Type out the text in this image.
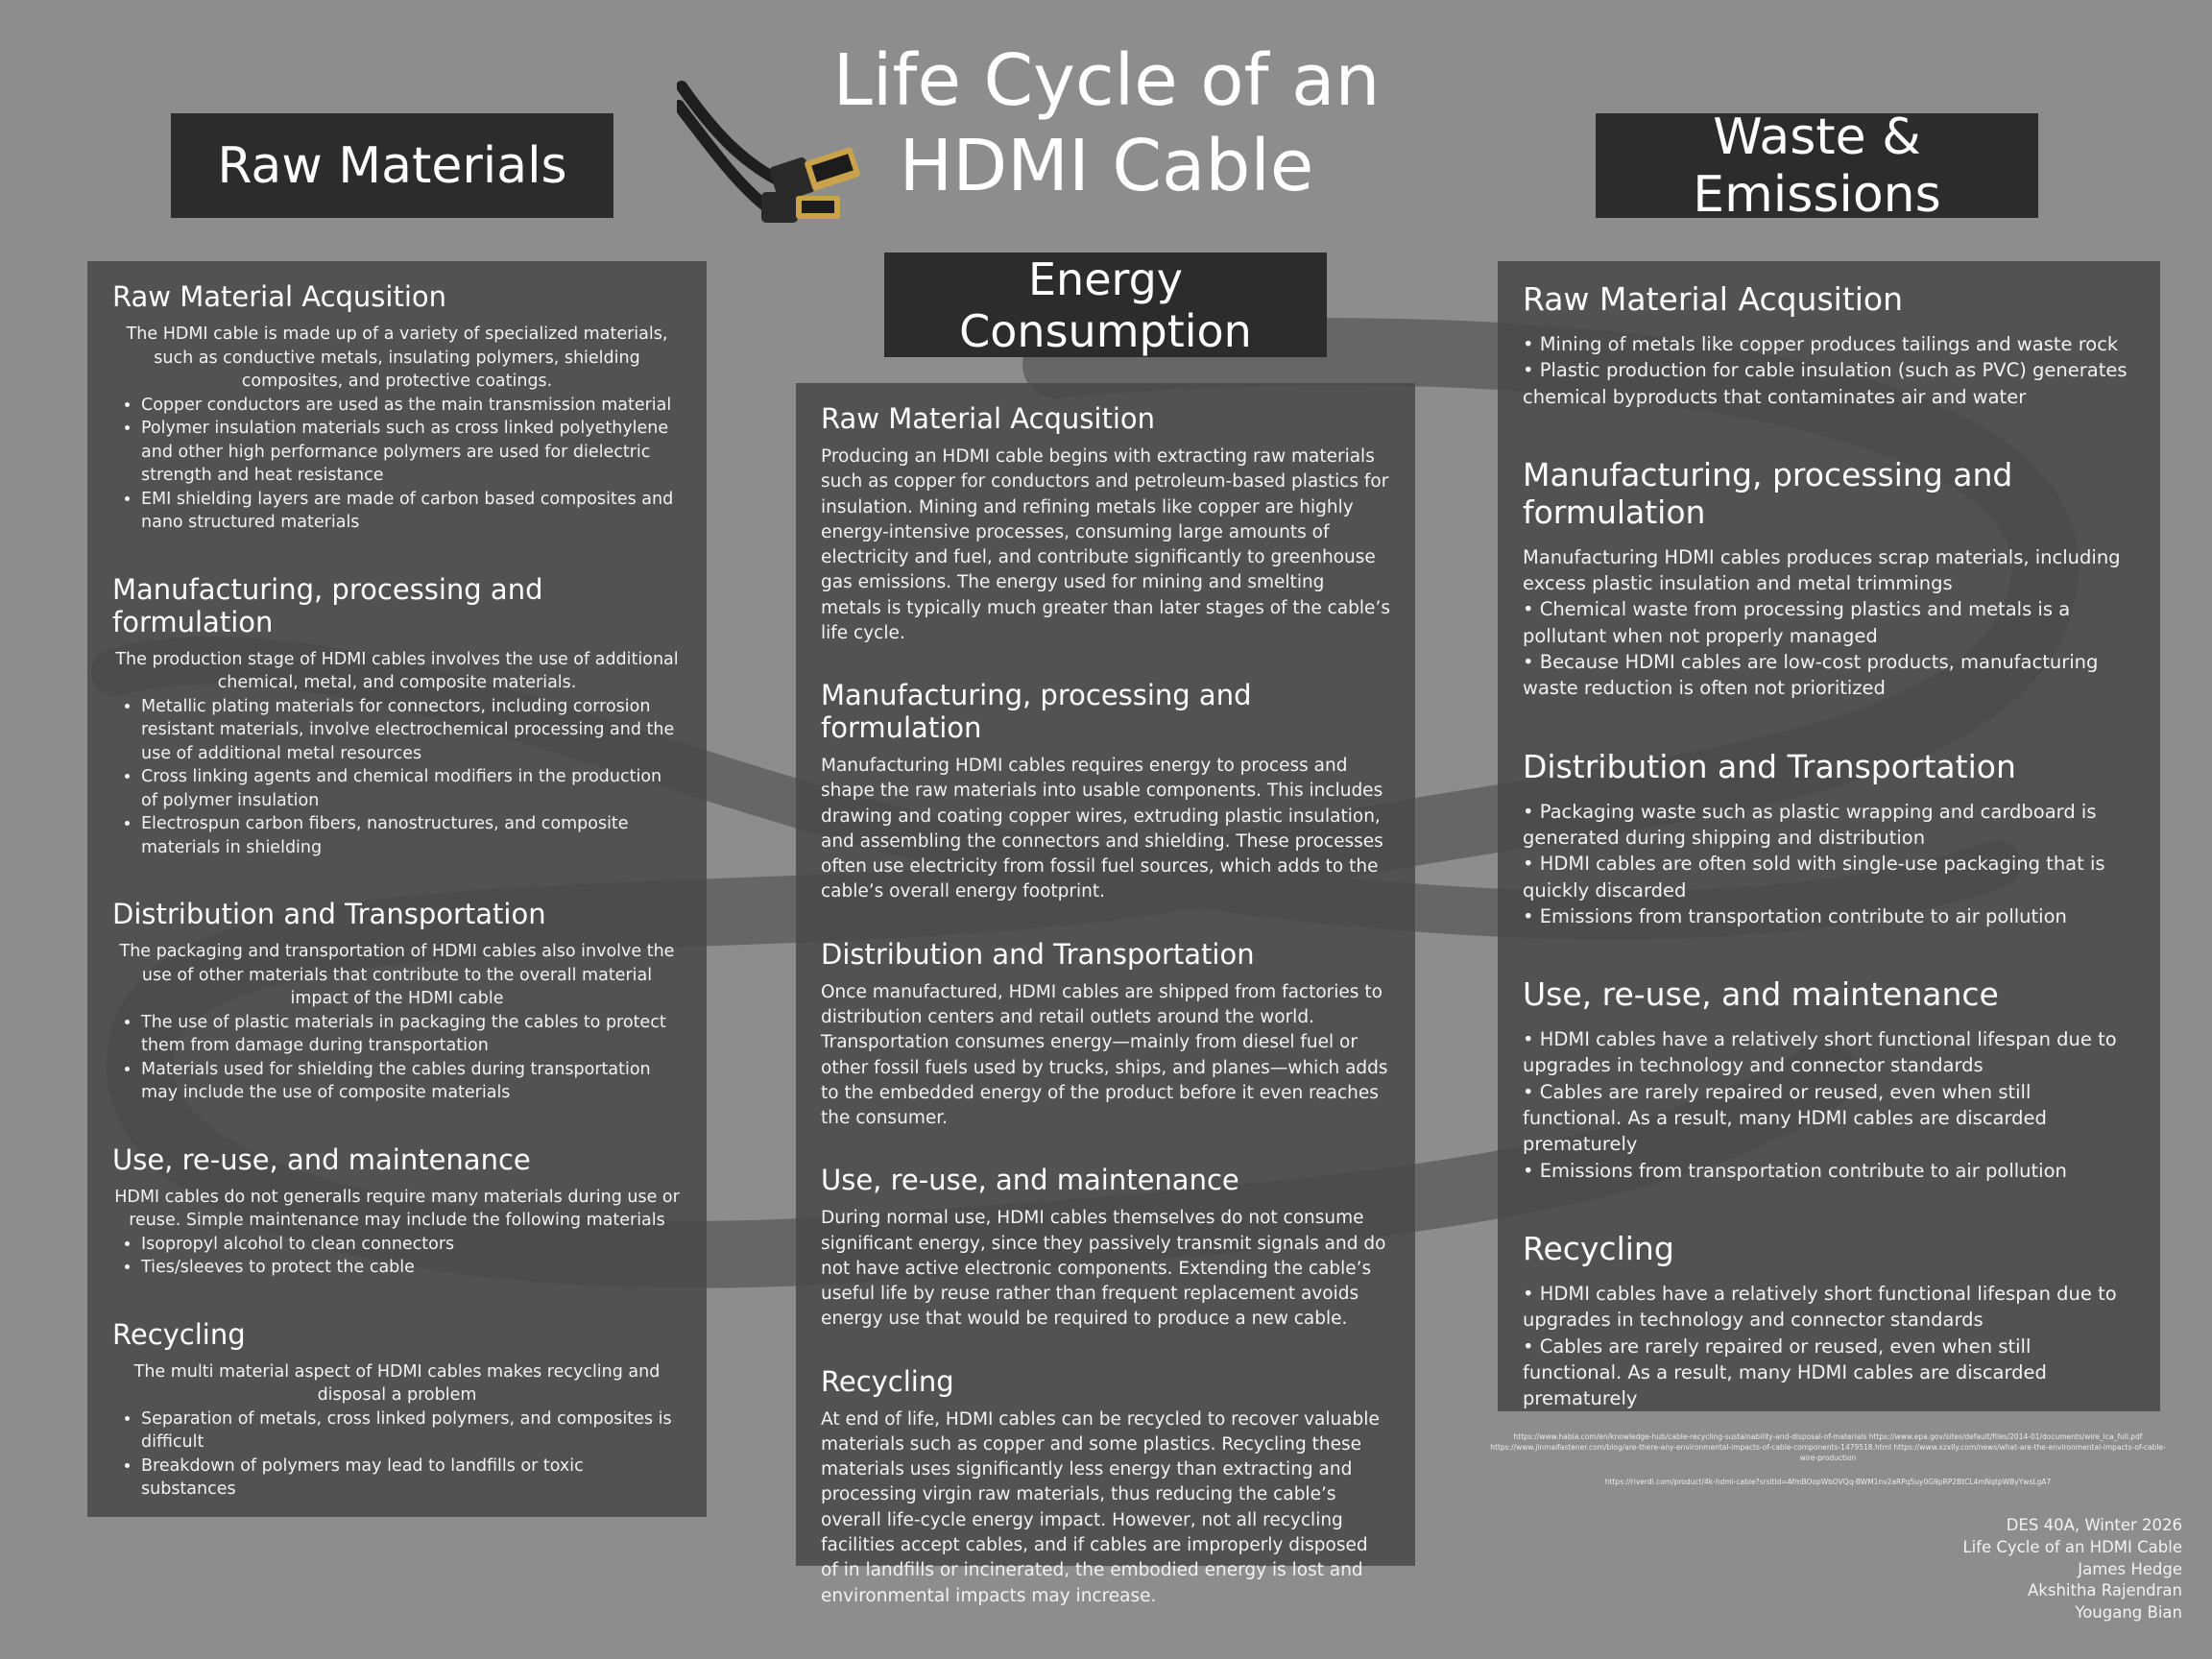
Life Cycle of an
HDMI Cable
Raw Materials	Waste & Emissions
Energy Consumption
Raw Material Acqusition
The HDMI cable is made up of a variety of specialized materials, such as conductive metals, insulating polymers, shielding composites, and protective coatings.
• Copper conductors are used as the main transmission material
• Polymer insulation materials such as cross linked polyethylene and other high performance polymers are used for dielectric strength and heat resistance
• EMI shielding layers are made of carbon based composites and nano structured materials
Manufacturing, processing and formulation
The production stage of HDMI cables involves the use of additional chemical, metal, and composite materials.
• Metallic plating materials for connectors, including corrosion resistant materials, involve electrochemical processing and the use of additional metal resources
• Cross linking agents and chemical modifiers in the production of polymer insulation
• Electrospun carbon fibers, nanostructures, and composite materials in shielding
Distribution and Transportation
The packaging and transportation of HDMI cables also involve the use of other materials that contribute to the overall material impact of the HDMI cable
• The use of plastic materials in packaging the cables to protect them from damage during transportation
• Materials used for shielding the cables during transportation may include the use of composite materials
Use, re-use, and maintenance
HDMI cables do not generalls require many materials during use or reuse. Simple maintenance may include the following materials
• Isopropyl alcohol to clean connectors
• Ties/sleeves to protect the cable
Recycling
The multi material aspect of HDMI cables makes recycling and disposal a problem
• Separation of metals, cross linked polymers, and composites is difficult
• Breakdown of polymers may lead to landfills or toxic substances
Raw Material Acqusition
Producing an HDMI cable begins with extracting raw materials such as copper for conductors and petroleum-based plastics for insulation. Mining and refining metals like copper are highly energy-intensive processes, consuming large amounts of electricity and fuel, and contribute significantly to greenhouse gas emissions. The energy used for mining and smelting metals is typically much greater than later stages of the cable’s life cycle.
Manufacturing, processing and formulation
Manufacturing HDMI cables requires energy to process and shape the raw materials into usable components. This includes drawing and coating copper wires, extruding plastic insulation, and assembling the connectors and shielding. These processes often use electricity from fossil fuel sources, which adds to the cable’s overall energy footprint.
Distribution and Transportation
Once manufactured, HDMI cables are shipped from factories to distribution centers and retail outlets around the world. Transportation consumes energy—mainly from diesel fuel or other fossil fuels used by trucks, ships, and planes—which adds to the embedded energy of the product before it even reaches the consumer.
Use, re-use, and maintenance
During normal use, HDMI cables themselves do not consume significant energy, since they passively transmit signals and do not have active electronic components. Extending the cable’s useful life by reuse rather than frequent replacement avoids energy use that would be required to produce a new cable.
Recycling
At end of life, HDMI cables can be recycled to recover valuable materials such as copper and some plastics. Recycling these materials uses significantly less energy than extracting and processing virgin raw materials, thus reducing the cable’s overall life-cycle energy impact. However, not all recycling facilities accept cables, and if cables are improperly disposed of in landfills or incinerated, the embodied energy is lost and environmental impacts may increase.
Raw Material Acqusition
• Mining of metals like copper produces tailings and waste rock
• Plastic production for cable insulation (such as PVC) generates chemical byproducts that contaminates air and water
Manufacturing, processing and formulation
Manufacturing HDMI cables produces scrap materials, including excess plastic insulation and metal trimmings
• Chemical waste from processing plastics and metals is a pollutant when not properly managed
• Because HDMI cables are low-cost products, manufacturing waste reduction is often not prioritized
Distribution and Transportation
• Packaging waste such as plastic wrapping and cardboard is generated during shipping and distribution
• HDMI cables are often sold with single-use packaging that is quickly discarded
• Emissions from transportation contribute to air pollution
Use, re-use, and maintenance
• HDMI cables have a relatively short functional lifespan due to upgrades in technology and connector standards
• Cables are rarely repaired or reused, even when still functional. As a result, many HDMI cables are discarded prematurely
• Emissions from transportation contribute to air pollution
Recycling
• HDMI cables have a relatively short functional lifespan due to upgrades in technology and connector standards
• Cables are rarely repaired or reused, even when still functional. As a result, many HDMI cables are discarded prematurely
https://www.habia.com/en/knowledge-hub/cable-recycling-sustainability-and-disposal-of-materials https://www.epa.gov/sites/default/files/2014-01/documents/wire_lca_full.pdf https://www.jinmaifastener.com/blog/are-there-any-environmental-impacts-of-cable-components-1479518.html https://www.xzxlly.com/news/what-are-the-environmental-impacts-of-cable-wire-production
https://riverdi.com/product/4k-hdmi-cable?srsltid=AfmBOopWbOVQq-BWM1nv2aRPq5uy0G9pRP2BtCL4mNqtpWByYwsLgA7
DES 40A, Winter 2026
Life Cycle of an HDMI Cable
James Hedge
Akshitha Rajendran
Yougang Bian
